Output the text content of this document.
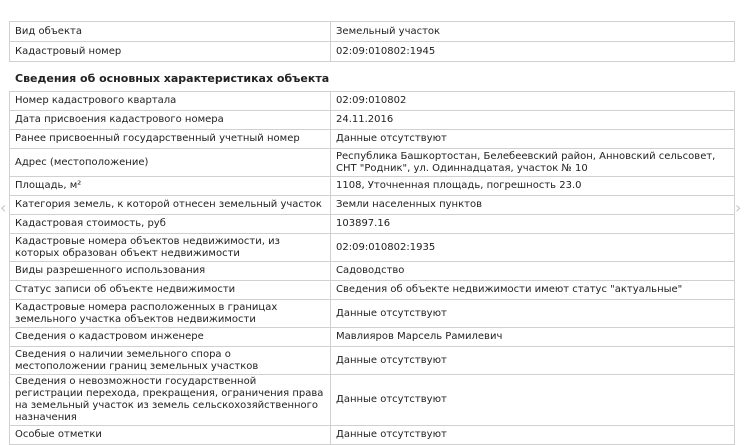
Вид объекта	Земельный участок
Кадастровый номер	02:09:010802:1945
Сведения об основных характеристиках объекта
Номер кадастрового квартала	02:09:010802
Дата присвоения кадастрового номера	24.11.2016
Ранее присвоенный государственный учетный номер	Данные отсутствуют
Адрес (местоположение)	Республика Башкортостан, Белебеевский район, Анновский сельсовет, СНТ "Родник", ул. Одиннадцатая, участок № 10
Площадь, м²	1108, Уточненная площадь, погрешность 23.0
Категория земель, к которой отнесен земельный участок	Земли населенных пунктов
Кадастровая стоимость, руб	103897.16
Кадастровые номера объектов недвижимости, из которых образован объект недвижимости	02:09:010802:1935
Виды разрешенного использования	Садоводство
Статус записи об объекте недвижимости	Сведения об объекте недвижимости имеют статус "актуальные"
Кадастровые номера расположенных в границах земельного участка объектов недвижимости	Данные отсутствуют
Сведения о кадастровом инженере	Мавлияров Марсель Рамилевич
Сведения о наличии земельного спора о местоположении границ земельных участков	Данные отсутствуют
Сведения о невозможности государственной регистрации перехода, прекращения, ограничения права на земельный участок из земель сельскохозяйственного назначения	Данные отсутствуют
Особые отметки	Данные отсутствуют
‹	›
